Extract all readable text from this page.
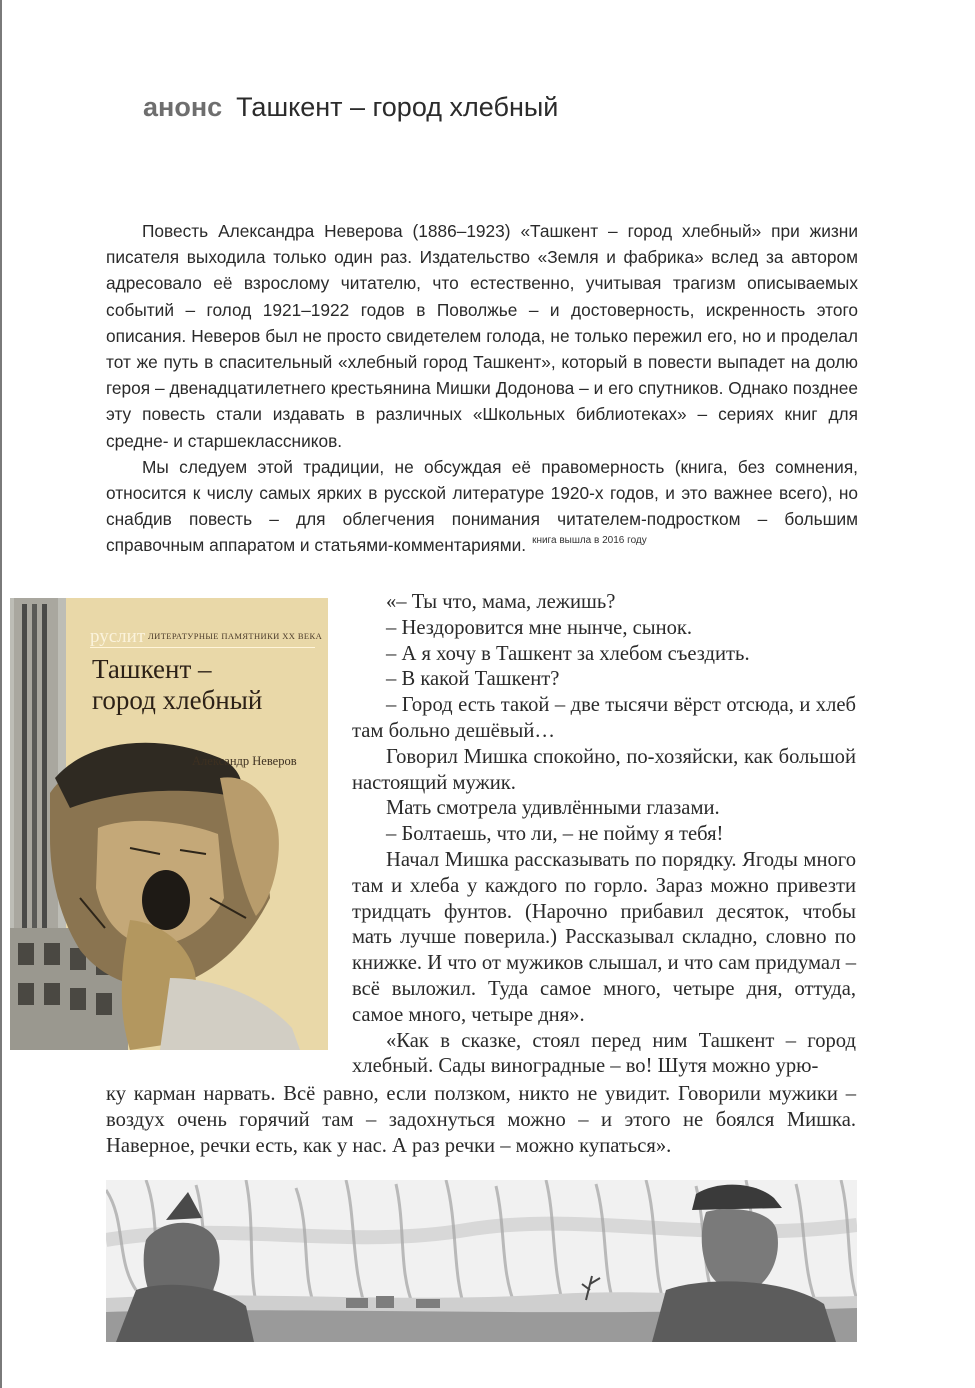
анонс Ташкент – город хлебный

Повесть Александра Неверова (1886–1923) «Ташкент – город хлебный» при жизни писателя выходила только один раз. Издательство «Земля и фабрика» вслед за автором адресовало её взрослому читателю, что естественно, учитывая трагизм описываемых событий – голод 1921–1922 годов в Поволжье – и достоверность, искренность этого описания. Неверов был не просто свидетелем голода, не только пережил его, но и проделал тот же путь в спасительный «хлебный город Ташкент», который в повести выпадет на долю героя – двенадцатилетнего крестьянина Мишки Додонова – и его спутников. Однако позднее эту повесть стали издавать в различных «Школьных библиотеках» – сериях книг для средне- и старшеклассников.

Мы следуем этой традиции, не обсуждая её правомерность (книга, без сомнения, относится к числу самых ярких в русской литературе 1920-х годов, и это важнее всего), но снабдив повесть – для облегчения понимания читателем-подростком – большим справочным аппаратом и статьями-комментариями. $^{книга вышла в 2016 году}$

руслит ЛИТЕРАТУРНЫЕ ПАМЯТНИКИ XX ВЕКА
Ташкент –
город хлебный
Александр Неверов

«– Ты что, мама, лежишь?

– Нездоровится мне нынче, сынок.

– А я хочу в Ташкент за хлебом съездить.

– В какой Ташкент?

– Город есть такой – две тысячи вёрст отсюда, и хлеб там больно дешёвый…

Говорил Мишка спокойно, по-хозяйски, как большой настоящий мужик.

Мать смотрела удивлёнными глазами.

– Болтаешь, что ли, – не пойму я тебя!

Начал Мишка рассказывать по порядку. Ягоды много там и хлеба у каждого по горло. Зараз можно привезти тридцать фунтов. (Нарочно прибавил десяток, чтобы мать лучше поверила.) Рассказывал складно, словно по книжке. И что от мужиков слышал, и что сам придумал – всё выложил. Туда самое много, четыре дня, оттуда, самое много, четыре дня».

«Как в сказке, стоял перед ним Ташкент – город хлебный. Сады виноградные – во! Шутя можно урю-

ку карман нарвать. Всё равно, если ползком, никто не увидит. Говорили мужики – воздух очень горячий там – задохнуться можно – и этого не боялся Мишка. Наверное, речки есть, как у нас. А раз речки – можно купаться».
